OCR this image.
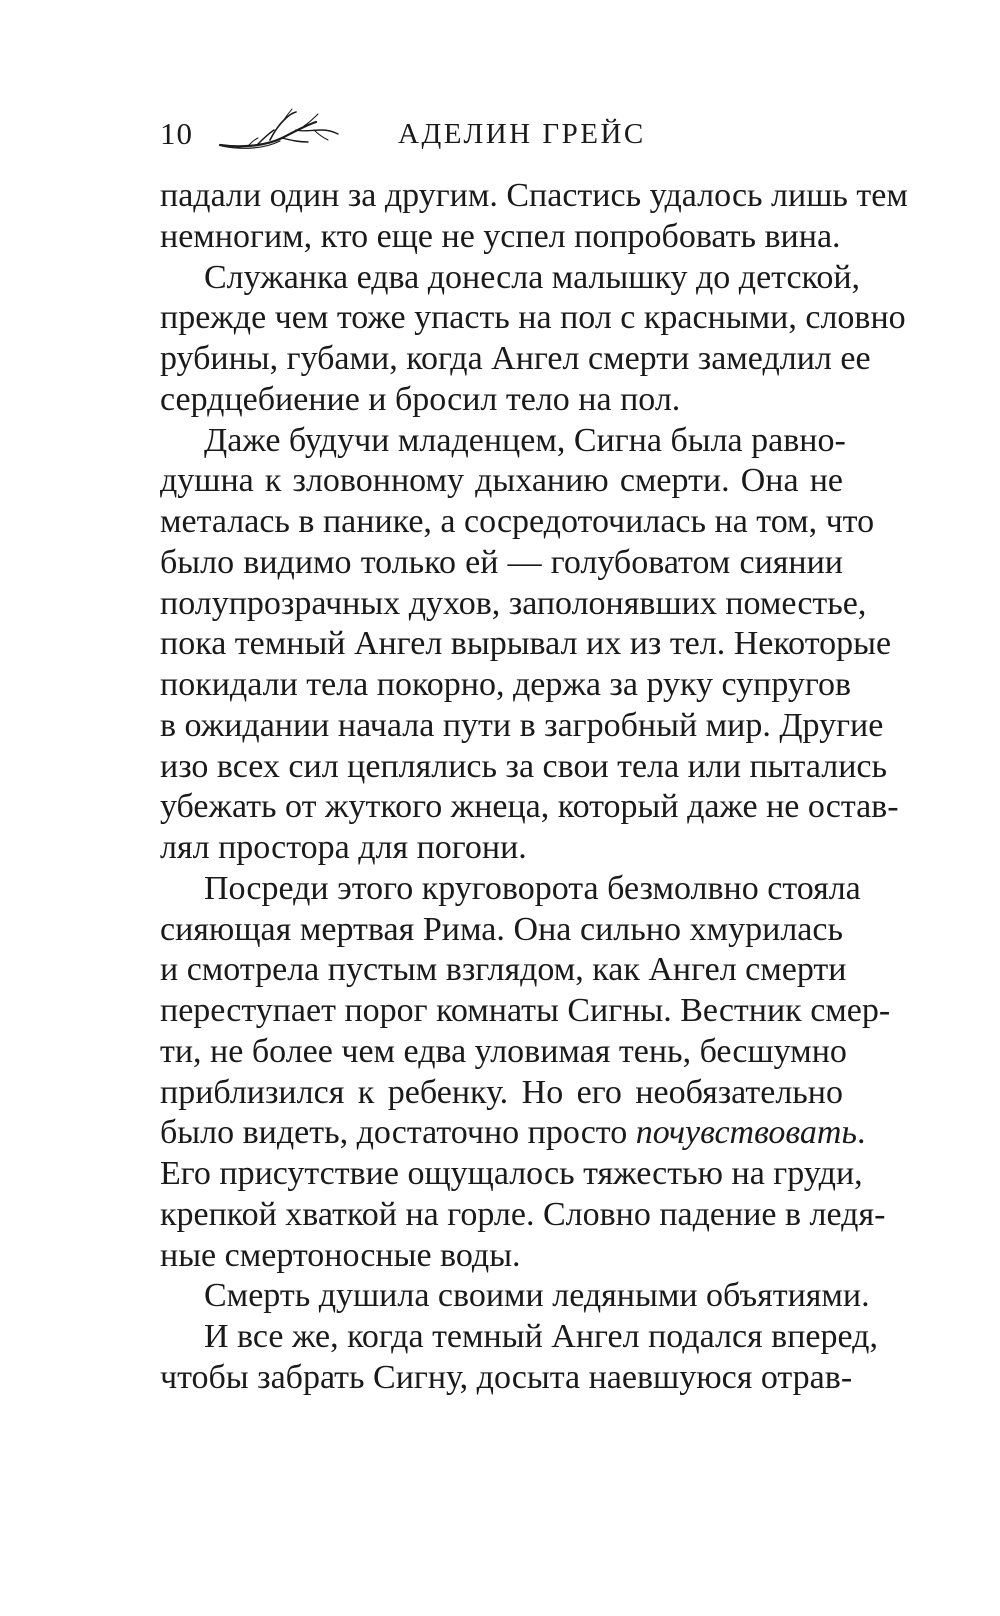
10	АДЕЛИН ГРЕЙС
падали один за другим. Спастись удалось лишь тем
немногим, кто еще не успел попробовать вина.
Служанка едва донесла малышку до детской,
прежде чем тоже упасть на пол с красными, словно
рубины, губами, когда Ангел смерти замедлил ее
сердцебиение и бросил тело на пол.
Даже будучи младенцем, Сигна была равно-
душна к зловонному дыханию смерти. Она не
металась в панике, а сосредоточилась на том, что
было видимо только ей — голубоватом сиянии
полупрозрачных духов, заполонявших поместье,
пока темный Ангел вырывал их из тел. Некоторые
покидали тела покорно, держа за руку супругов
в ожидании начала пути в загробный мир. Другие
изо всех сил цеплялись за свои тела или пытались
убежать от жуткого жнеца, который даже не остав-
лял простора для погони.
Посреди этого круговорота безмолвно стояла
сияющая мертвая Рима. Она сильно хмурилась
и смотрела пустым взглядом, как Ангел смерти
переступает порог комнаты Сигны. Вестник смер-
ти, не более чем едва уловимая тень, бесшумно
приблизился к ребенку. Но его необязательно
было видеть, достаточно просто почувствовать.
Его присутствие ощущалось тяжестью на груди,
крепкой хваткой на горле. Словно падение в ледя-
ные смертоносные воды.
Смерть душила своими ледяными объятиями.
И все же, когда темный Ангел подался вперед,
чтобы забрать Сигну, досыта наевшуюся отрав-
